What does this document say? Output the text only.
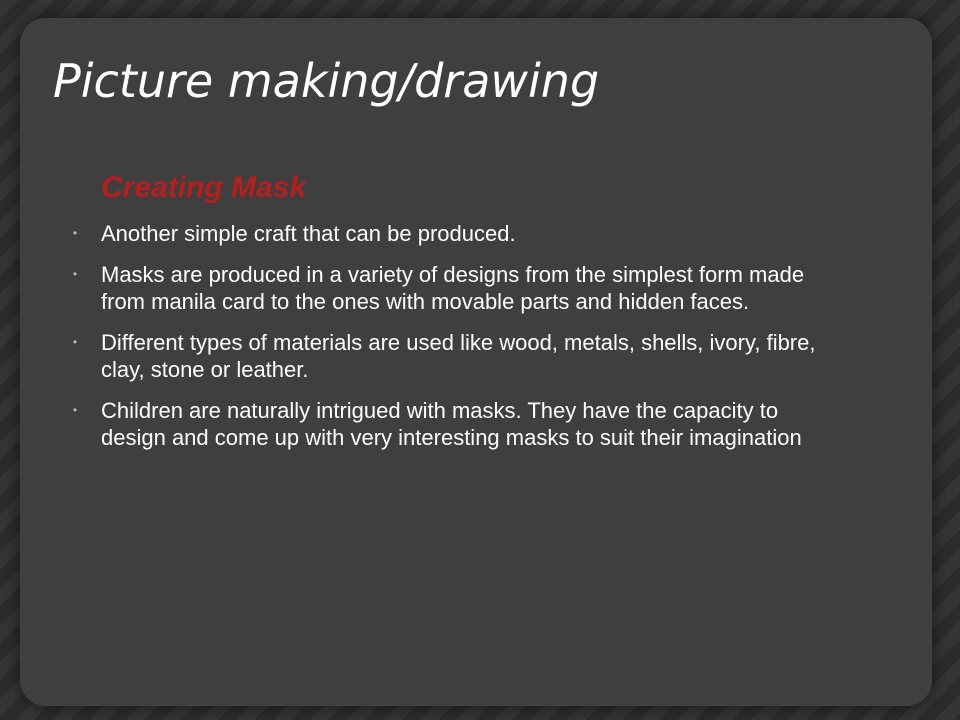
Picture making/drawing
Creating Mask
•	Another simple craft that can be produced.
•	Masks are produced in a variety of designs from the simplest form made from manila card to the ones with movable parts and hidden faces.
•	Different types of materials are used like wood, metals, shells, ivory, fibre, clay, stone or leather.
•	Children are naturally intrigued with masks. They have the capacity to design and come up with very interesting masks to suit their imagination
